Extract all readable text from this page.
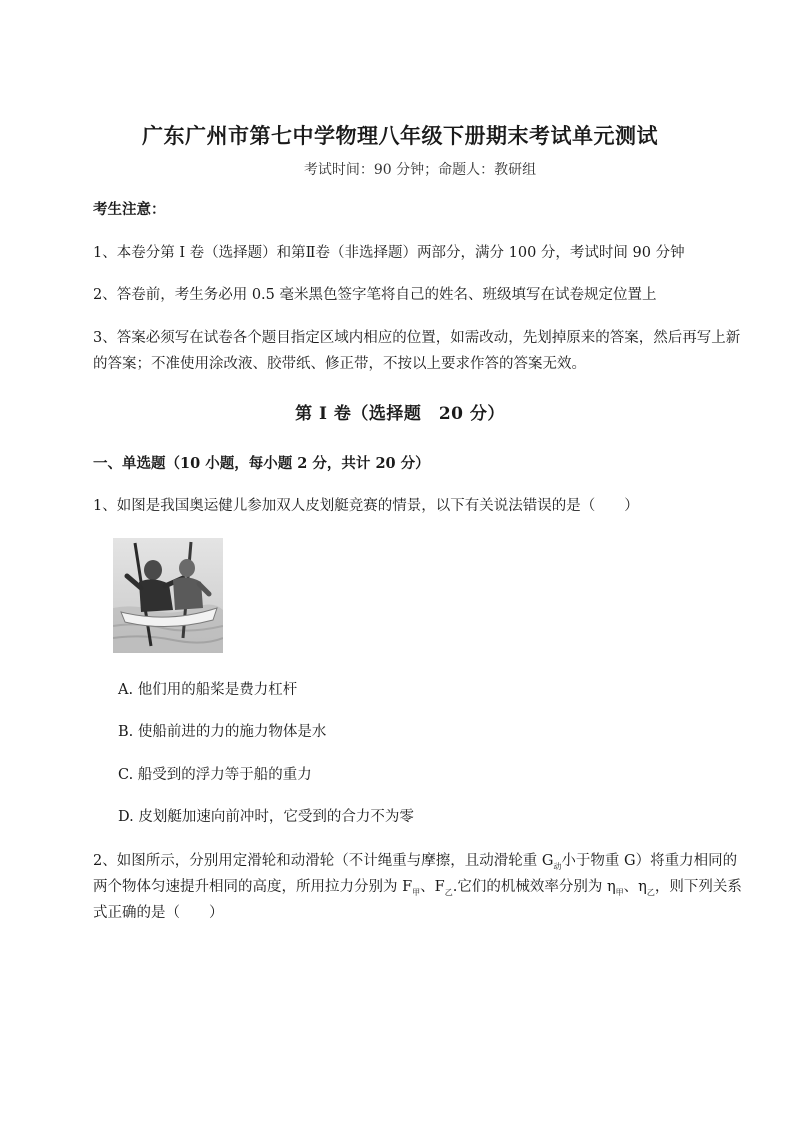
广东广州市第七中学物理八年级下册期末考试单元测试
考试时间：90 分钟；命题人：教研组
考生注意：
1、本卷分第 I 卷（选择题）和第Ⅱ卷（非选择题）两部分，满分 100 分，考试时间 90 分钟
2、答卷前，考生务必用 0.5 毫米黑色签字笔将自己的姓名、班级填写在试卷规定位置上
3、答案必须写在试卷各个题目指定区域内相应的位置，如需改动，先划掉原来的答案，然后再写上新的答案；不准使用涂改液、胶带纸、修正带，不按以上要求作答的答案无效。
第 I 卷（选择题　20 分）
一、单选题（10 小题，每小题 2 分，共计 20 分）
1、如图是我国奥运健儿参加双人皮划艇竞赛的情景，以下有关说法错误的是（　　）
A. 他们用的船桨是费力杠杆
B. 使船前进的力的施力物体是水
C. 船受到的浮力等于船的重力
D. 皮划艇加速向前冲时，它受到的合力不为零
2、如图所示，分别用定滑轮和动滑轮（不计绳重与摩擦，且动滑轮重 $G_动$小于物重 G）将重力相同的两个物体匀速提升相同的高度，所用拉力分别为 $F_甲$、$F_乙$.它们的机械效率分别为 $\eta_甲$、$\eta_乙$，则下列关系式正确的是（　　）
